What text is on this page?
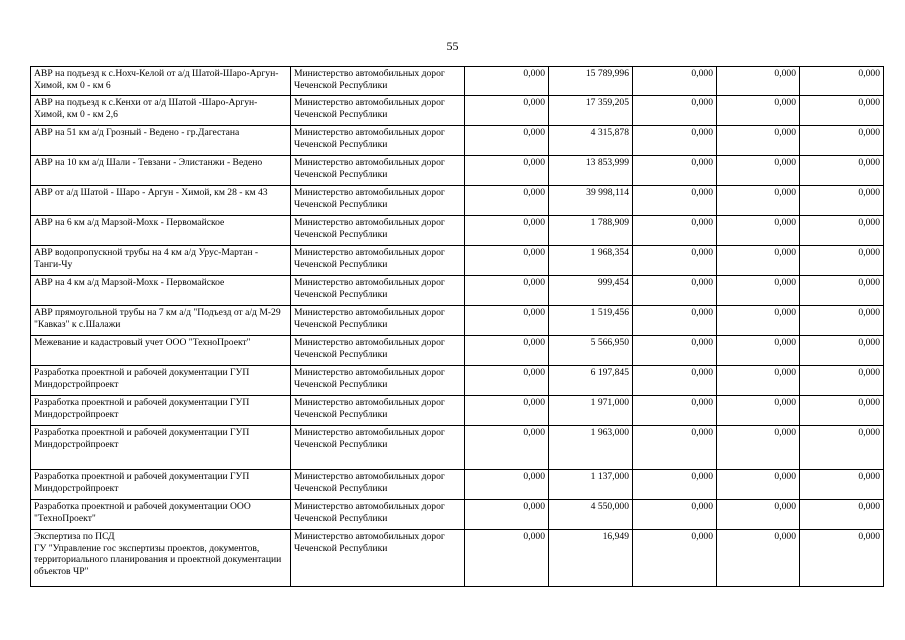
55
АВР на подъезд к с.Нохч-Келой от а/д Шатой-Шаро-Аргун-Химой, км 0 - км 6	Министерство автомобильных дорог Чеченской Республики	0,000	15 789,996	0,000	0,000	0,000
АВР на подъезд к с.Кенхи от а/д Шатой -Шаро-Аргун-Химой, км 0 - км 2,6	Министерство автомобильных дорог Чеченской Республики	0,000	17 359,205	0,000	0,000	0,000
АВР на 51 км а/д Грозный - Ведено - гр.Дагестана	Министерство автомобильных дорог Чеченской Республики	0,000	4 315,878	0,000	0,000	0,000
АВР на 10 км а/д Шали - Тевзани - Элистанжи - Ведено	Министерство автомобильных дорог Чеченской Республики	0,000	13 853,999	0,000	0,000	0,000
АВР от а/д Шатой - Шаро - Аргун - Химой, км 28 - км 43	Министерство автомобильных дорог Чеченской Республики	0,000	39 998,114	0,000	0,000	0,000
АВР на 6 км а/д Марзой-Мохк - Первомайское	Министерство автомобильных дорог Чеченской Республики	0,000	1 788,909	0,000	0,000	0,000
АВР водопропускной трубы на 4 км а/д Урус-Мартан - Танги-Чу	Министерство автомобильных дорог Чеченской Республики	0,000	1 968,354	0,000	0,000	0,000
АВР на 4 км а/д Марзой-Мохк - Первомайское	Министерство автомобильных дорог Чеченской Республики	0,000	999,454	0,000	0,000	0,000
АВР прямоугольной трубы на 7 км а/д "Подъезд от а/д М-29 "Кавказ" к с.Шалажи	Министерство автомобильных дорог Чеченской Республики	0,000	1 519,456	0,000	0,000	0,000
Межевание и кадастровый учет ООО "ТехноПроект"	Министерство автомобильных дорог Чеченской Республики	0,000	5 566,950	0,000	0,000	0,000
Разработка проектной и рабочей документации ГУП Миндорстройпроект	Министерство автомобильных дорог Чеченской Республики	0,000	6 197,845	0,000	0,000	0,000
Разработка проектной и рабочей документации ГУП Миндорстройпроект	Министерство автомобильных дорог Чеченской Республики	0,000	1 971,000	0,000	0,000	0,000
Разработка проектной и рабочей документации ГУП Миндорстройпроект	Министерство автомобильных дорог Чеченской Республики	0,000	1 963,000	0,000	0,000	0,000
Разработка проектной и рабочей документации ГУП Миндорстройпроект	Министерство автомобильных дорог Чеченской Республики	0,000	1 137,000	0,000	0,000	0,000
Разработка проектной и рабочей документации ООО "ТехноПроект"	Министерство автомобильных дорог Чеченской Республики	0,000	4 550,000	0,000	0,000	0,000
Экспертиза по ПСД
ГУ "Управление гос экспертизы проектов, документов, территориального планирования и проектной документации объектов ЧР"	Министерство автомобильных дорог Чеченской Республики	0,000	16,949	0,000	0,000	0,000
